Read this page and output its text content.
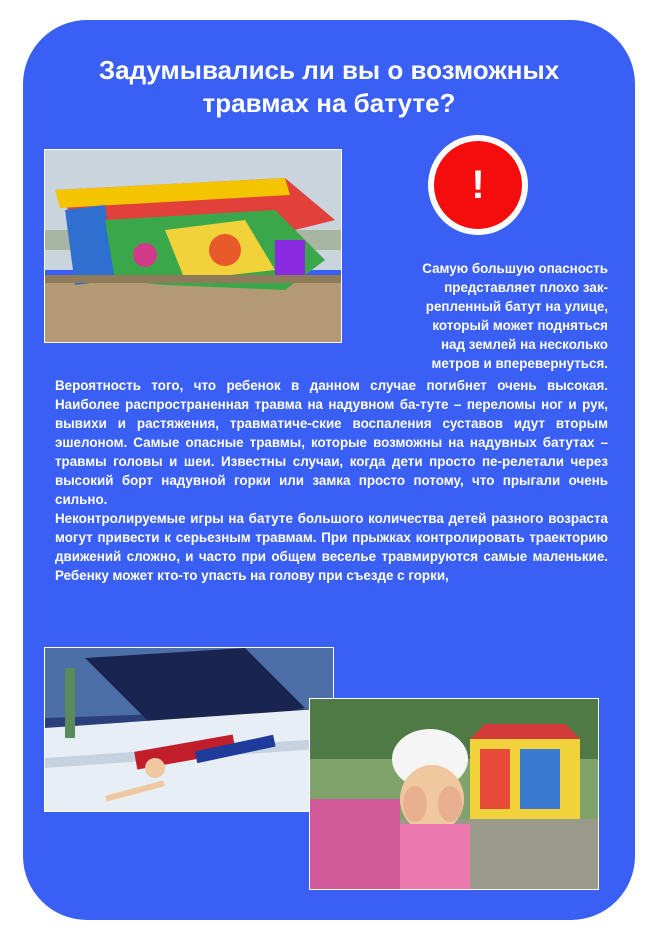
Задумывались ли вы о возможных
травмах на батуте?
!
Самую большую опасность
представляет плохо зак-
репленный батут на улице,
который может подняться
над землей на несколько
метров и вперевернуться.

Вероятность того, что ребенок в данном случае погибнет очень высокая. Наиболее распространенная травма на надувном ба-туте – переломы ног и рук, вывихи и растяжения, травматиче-ские воспаления суставов идут вторым эшелоном. Самые опасные травмы, которые возможны на надувных батутах – травмы головы и шеи. Известны случаи, когда дети просто пе-релетали через высокий борт надувной горки или замка просто потому, что прыгали очень сильно.

Неконтролируемые игры на батуте большого количества детей разного возраста могут привести к серьезным травмам. При прыжках контролировать траекторию движений сложно, и часто при общем веселье травмируются самые маленькие. Ребенку может кто-то упасть на голову при съезде с горки,
